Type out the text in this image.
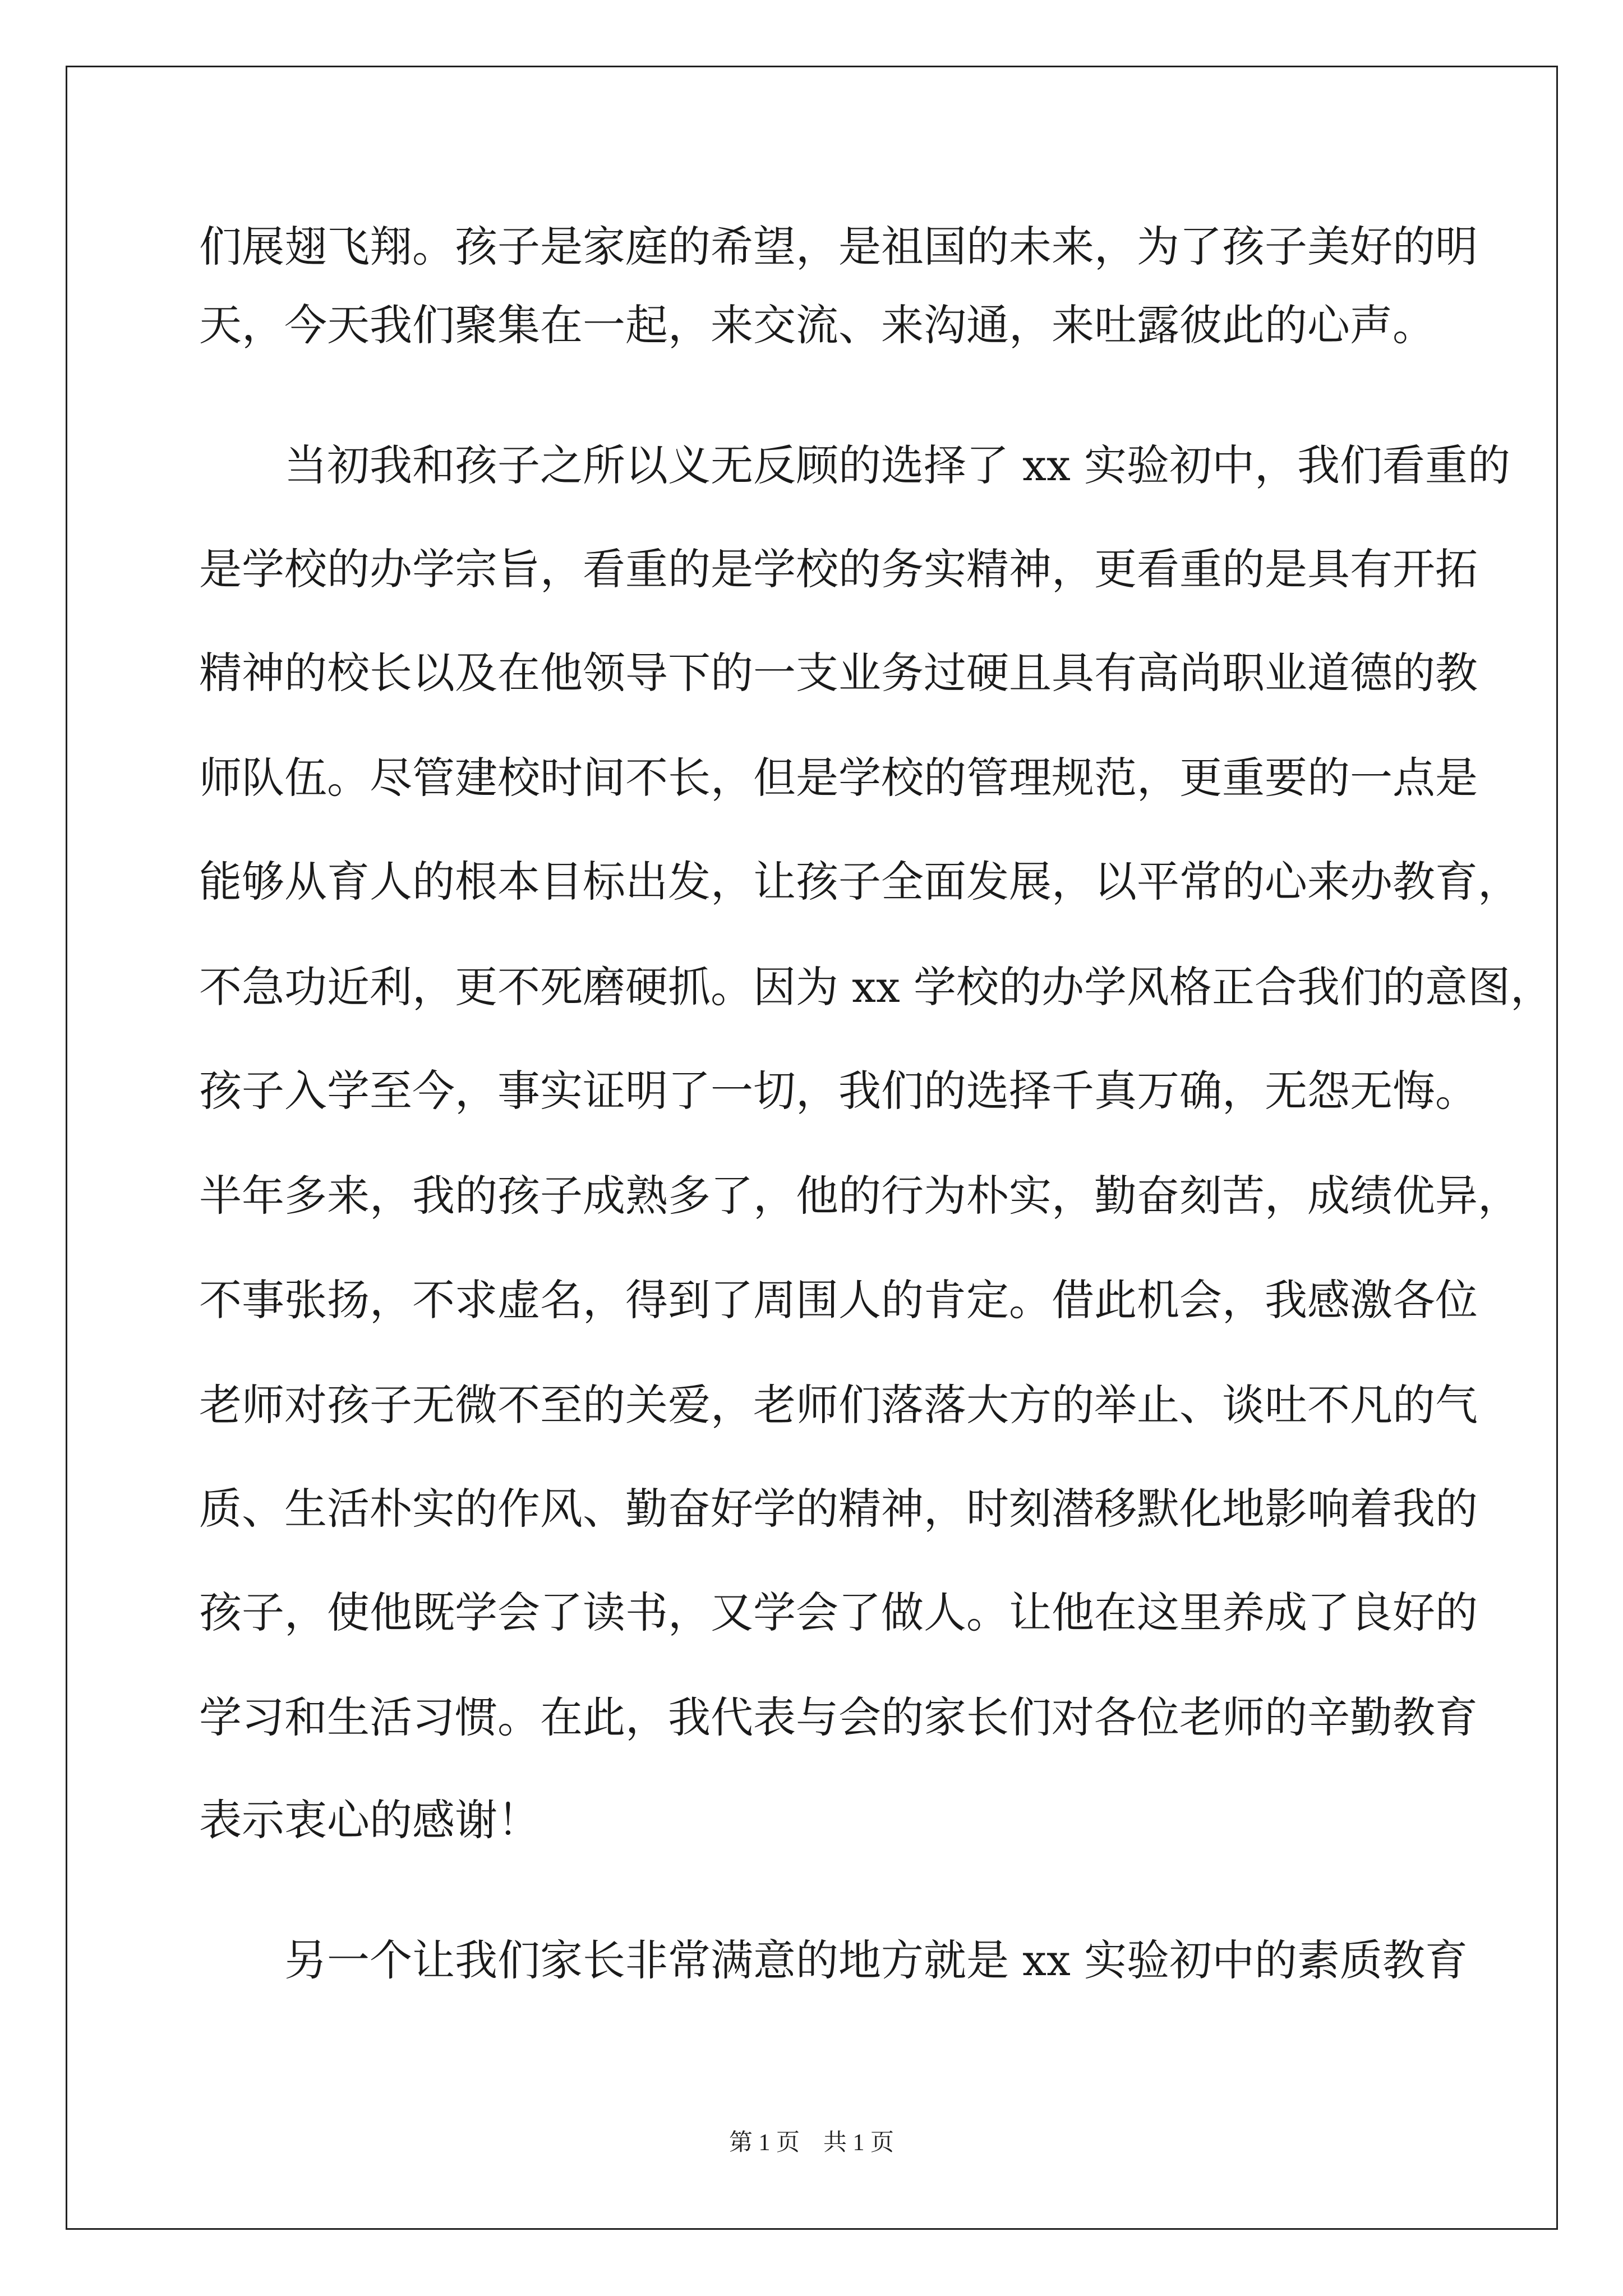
们展翅飞翔。孩子是家庭的希望，是祖国的未来，为了孩子美好的明
天，今天我们聚集在一起，来交流、来沟通，来吐露彼此的心声。
当初我和孩子之所以义无反顾的选择了 xx 实验初中，我们看重的
是学校的办学宗旨，看重的是学校的务实精神，更看重的是具有开拓
精神的校长以及在他领导下的一支业务过硬且具有高尚职业道德的教
师队伍。尽管建校时间不长，但是学校的管理规范，更重要的一点是
能够从育人的根本目标出发，让孩子全面发展，以平常的心来办教育，
不急功近利，更不死磨硬抓。因为 xx 学校的办学风格正合我们的意图，
孩子入学至今，事实证明了一切，我们的选择千真万确，无怨无悔。
半年多来，我的孩子成熟多了，他的行为朴实，勤奋刻苦，成绩优异，
不事张扬，不求虚名，得到了周围人的肯定。借此机会，我感激各位
老师对孩子无微不至的关爱，老师们落落大方的举止、谈吐不凡的气
质、生活朴实的作风、勤奋好学的精神，时刻潜移默化地影响着我的
孩子，使他既学会了读书，又学会了做人。让他在这里养成了良好的
学习和生活习惯。在此，我代表与会的家长们对各位老师的辛勤教育
表示衷心的感谢！
另一个让我们家长非常满意的地方就是 xx 实验初中的素质教育
第 1 页 共 1 页
